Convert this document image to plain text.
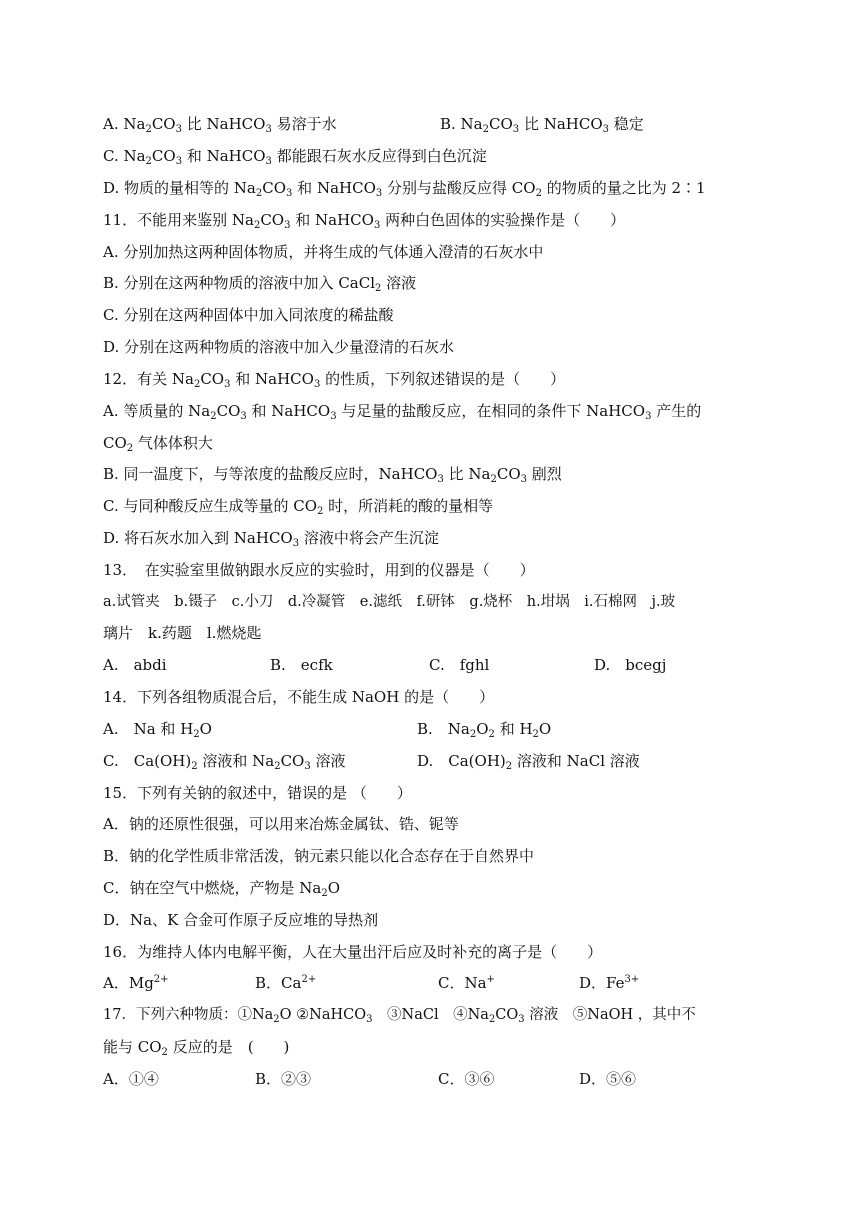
A. $Na_2CO_3$ 比 NaHCO$_3$ 易溶于水	B. $Na_2CO_3$ 比 NaHCO$_3$ 稳定
C. $Na_2CO_3$ 和 NaHCO$_3$ 都能跟石灰水反应得到白色沉淀
D. 物质的量相等的 $Na_2CO_3$ 和 NaHCO$_3$ 分别与盐酸反应得 $CO_2$ 的物质的量之比为 2∶1
11．不能用来鉴别 $Na_2CO_3$ 和 NaHCO$_3$ 两种白色固体的实验操作是（　　）
A. 分别加热这两种固体物质，并将生成的气体通入澄清的石灰水中
B. 分别在这两种物质的溶液中加入 CaCl$_2$ 溶液
C. 分别在这两种固体中加入同浓度的稀盐酸
D. 分别在这两种物质的溶液中加入少量澄清的石灰水
12．有关 $Na_2CO_3$ 和 NaHCO$_3$ 的性质，下列叙述错误的是（　　）
A. 等质量的 $Na_2CO_3$ 和 NaHCO$_3$ 与足量的盐酸反应，在相同的条件下 NaHCO$_3$ 产生的
$CO_2$ 气体体积大
B. 同一温度下，与等浓度的盐酸反应时，NaHCO$_3$ 比 $Na_2CO_3$ 剧烈
C. 与同种酸反应生成等量的 $CO_2$ 时，所消耗的酸的量相等
D. 将石灰水加入到 NaHCO$_3$ 溶液中将会产生沉淀
13．　在实验室里做钠跟水反应的实验时，用到的仪器是（　　）
a.试管夹　b.镊子　c.小刀　d.冷凝管　e.滤纸　f.研钵　g.烧杯　h.坩埚　i.石棉网　j.玻
璃片　k.药题　l.燃烧匙
A.　abdi	B.　ecfk	C.　fghl	D.　bcegj
14．下列各组物质混合后，不能生成 NaOH 的是（　　）
A.　Na 和 $H_2O$	B.　$Na_2O_2$ 和 $H_2O$
C.　$Ca(OH)_2$ 溶液和 $Na_2CO_3$ 溶液	D.　$Ca(OH)_2$ 溶液和 NaCl 溶液
15．下列有关钠的叙述中，错误的是 （　　）
A．钠的还原性很强，可以用来冶炼金属钛、锆、铌等
B．钠的化学性质非常活泼，钠元素只能以化合态存在于自然界中
C．钠在空气中燃烧，产物是 $Na_2O$
D．Na、K 合金可作原子反应堆的导热剂
16．为维持人体内电解平衡，人在大量出汗后应及时补充的离子是（　　）
A．$Mg^{2+}$	B．$Ca^{2+}$	C．Na+	D．$Fe^{3+}$
17．下列六种物质：$①Na_2O$ ②NaHCO$_3$　③NaCl　$④Na_2CO_3$ 溶液　⑤NaOH ，其中不
能与 $CO_2$ 反应的是　(　　)
A．①④	B．②③	C．③⑥	D．⑤⑥
